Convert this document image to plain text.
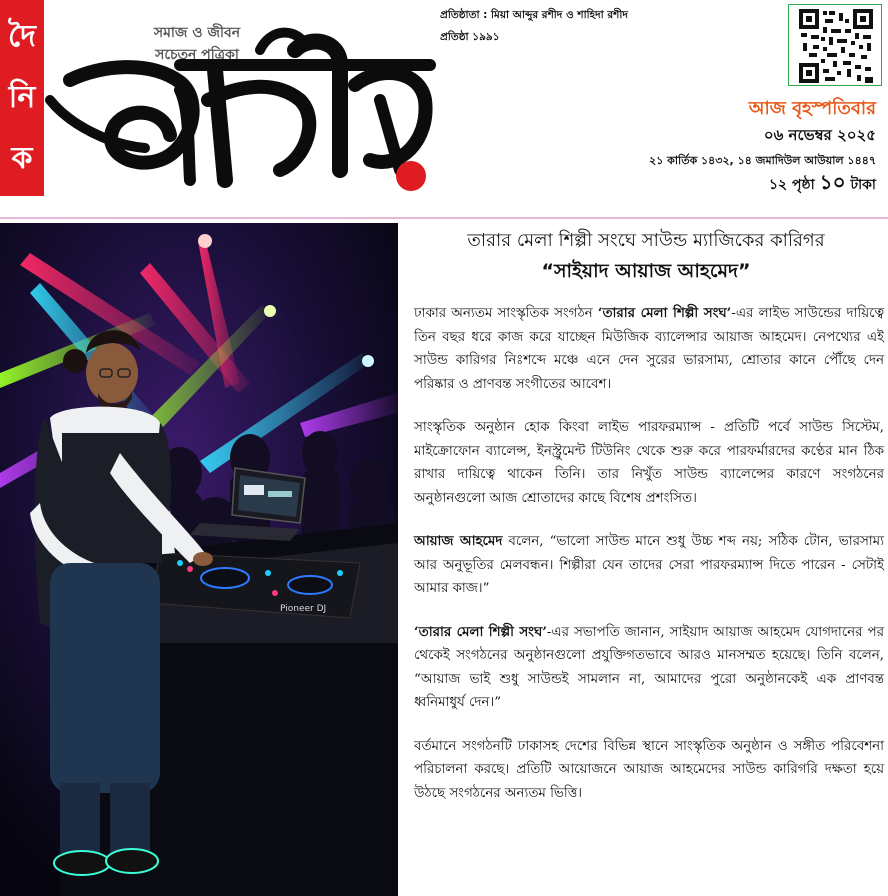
দৈ
নি
ক
সমাজ ও জীবন
সচেতন পত্রিকা
প্রতিষ্ঠাতা : মিয়া আব্দুর রশীদ ও শাহিদা রশীদ
প্রতিষ্ঠা ১৯৯১
আজ বৃহস্পতিবার
০৬ নভেম্বর ২০২৫
২১ কার্তিক ১৪৩২, ১৪ জমাদিউল আউয়াল ১৪৪৭
১২ পৃষ্ঠা ১০ টাকা
Pioneer DJ
তারার মেলা শিল্পী সংঘে সাউন্ড ম্যাজিকের কারিগর
“সাইয়াদ আয়াজ আহমেদ”

ঢাকার অন্যতম সাংস্কৃতিক সংগঠন ‘তারার মেলা শিল্পী সংঘ’-এর লাইভ সাউন্ডের দায়িত্বে তিন বছর ধরে কাজ করে যাচ্ছেন মিউজিক ব্যালেন্সার আয়াজ আহমেদ। নেপথ্যের এই সাউন্ড কারিগর নিঃশব্দে মঞ্চে এনে দেন সুরের ভারসাম্য, শ্রোতার কানে পৌঁছে দেন পরিষ্কার ও প্রাণবন্ত সংগীতের আবেশ।

সাংস্কৃতিক অনুষ্ঠান হোক কিংবা লাইভ পারফরম্যান্স - প্রতিটি পর্বে সাউন্ড সিস্টেম, মাইক্রোফোন ব্যালেন্স, ইনস্ট্রুমেন্ট টিউনিং থেকে শুরু করে পারফর্মারদের কণ্ঠের মান ঠিক রাখার দায়িত্বে থাকেন তিনি। তার নিখুঁত সাউন্ড ব্যালেন্সের কারণে সংগঠনের অনুষ্ঠানগুলো আজ শ্রোতাদের কাছে বিশেষ প্রশংসিত।

আয়াজ আহমেদ বলেন, “ভালো সাউন্ড মানে শুধু উচ্চ শব্দ নয়; সঠিক টোন, ভারসাম্য আর অনুভূতির মেলবন্ধন। শিল্পীরা যেন তাদের সেরা পারফরম্যান্স দিতে পারেন - সেটাই আমার কাজ।”

‘তারার মেলা শিল্পী সংঘ’-এর সভাপতি জানান, সাইয়াদ আয়াজ আহমেদ যোগদানের পর থেকেই সংগঠনের অনুষ্ঠানগুলো প্রযুক্তিগতভাবে আরও মানসম্মত হয়েছে। তিনি বলেন, “আয়াজ ভাই শুধু সাউন্ডই সামলান না, আমাদের পুরো অনুষ্ঠানকেই এক প্রাণবন্ত ধ্বনিমাধুর্য দেন।”

বর্তমানে সংগঠনটি ঢাকাসহ দেশের বিভিন্ন স্থানে সাংস্কৃতিক অনুষ্ঠান ও সঙ্গীত পরিবেশনা পরিচালনা করছে। প্রতিটি আয়োজনে আয়াজ আহমেদের সাউন্ড কারিগরি দক্ষতা হয়ে উঠছে সংগঠনের অন্যতম ভিত্তি।
